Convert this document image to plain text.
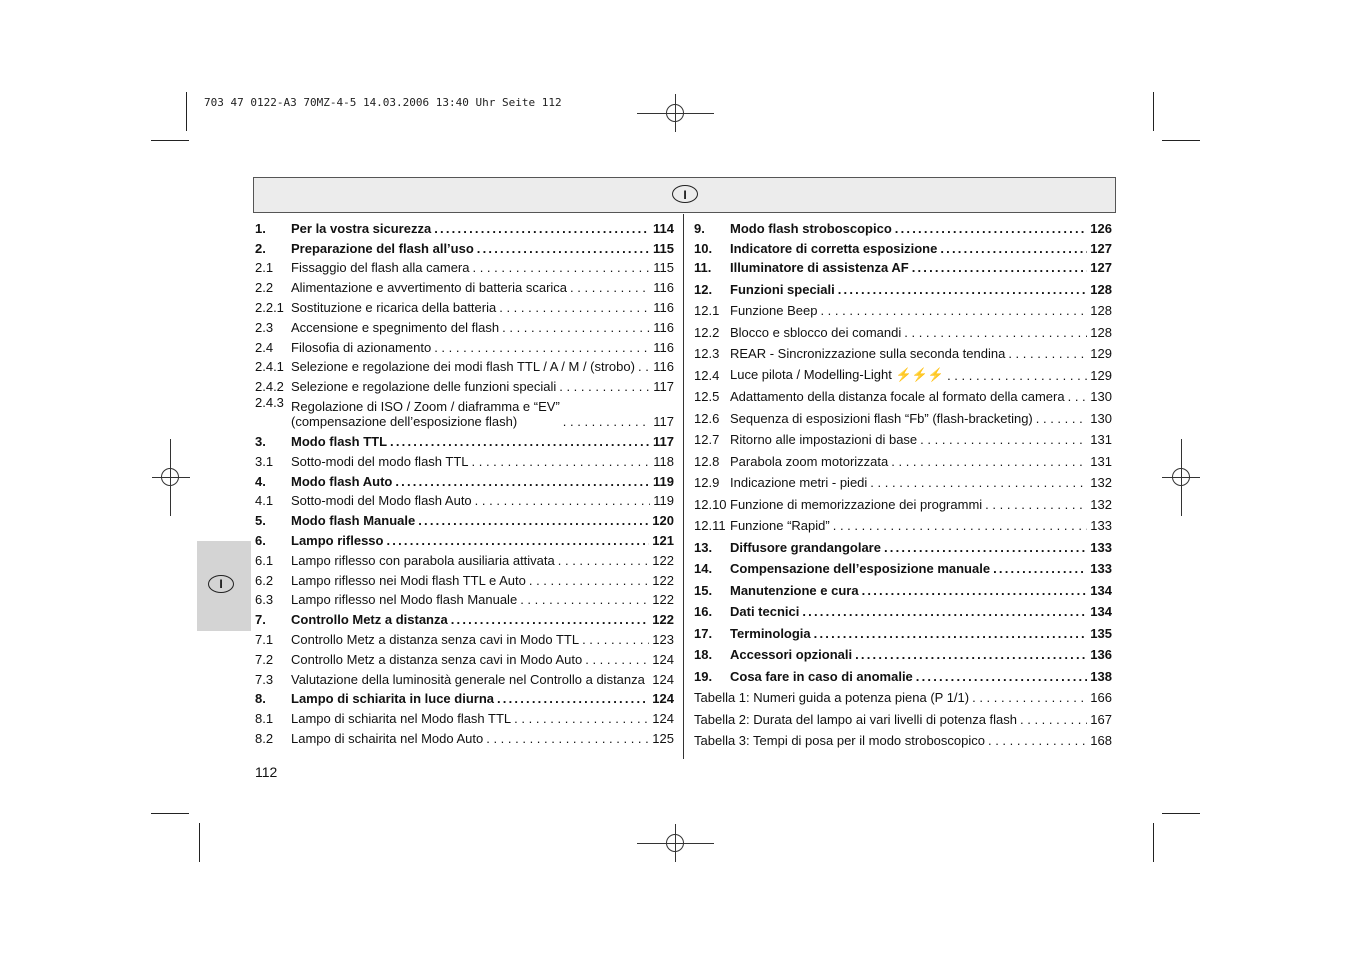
703 47 0122-A3 70MZ-4-5 14.03.2006 13:40 Uhr Seite 112
I
I
1.	Per la vostra sicurezza .....	114
2.	Preparazione del flash all’uso .....	115
2.1	Fissaggio del flash alla camera . . .	115
2.2	Alimentazione e avvertimento di batteria scarica . . .	116
2.2.1 Sostituzione e ricarica della batteria . . .	116
2.3	Accensione e spegnimento del flash . . .	116
2.4	Filosofia di azionamento . . .	116
2.4.1 Selezione e regolazione dei modi flash TTL / A / M / (strobo) . . . 116
2.4.2 Selezione e regolazione delle funzioni speciali . . .	117
2.4.3 Regolazione di ISO / Zoom / diaframma e “EV”
(compensazione dell’esposizione flash) . . .	117
3.	Modo flash TTL .....	117
3.1	Sotto-modi del modo flash TTL . . .	118
4.	Modo flash Auto .....	119
4.1	Sotto-modi del Modo flash Auto . . .	119
5.	Modo flash Manuale .....	120
6.	Lampo riflesso .....	121
6.1	Lampo riflesso con parabola ausiliaria attivata . . .	122
6.2	Lampo riflesso nei Modi flash TTL e Auto . . .	122
6.3	Lampo riflesso nel Modo flash Manuale . . .	122
7.	Controllo Metz a distanza .....	122
7.1	Controllo Metz a distanza senza cavi in Modo TTL . . .	123
7.2	Controllo Metz a distanza senza cavi in Modo Auto . . .	124
7.3	Valutazione della luminosità generale nel Controllo a distanza . . . 124
8.	Lampo di schiarita in luce diurna .....	124
8.1	Lampo di schiarita nel Modo flash TTL . . .	124
8.2	Lampo di schairita nel Modo Auto . . .	125
9.	Modo flash stroboscopico .....	126
10.	Indicatore di corretta esposizione .....	127
11.	Illuminatore di assistenza AF .....	127
12.	Funzioni speciali .....	128
12.1 Funzione Beep . . .	128
12.2 Blocco e sblocco dei comandi . . .	128
12.3 REAR - Sincronizzazione sulla seconda tendina . . .	129
12.4 Luce pilota / Modelling-Light ⚡⚡⚡ . . .	129
12.5 Adattamento della distanza focale al formato della camera . . . 130
12.6 Sequenza di esposizioni flash “Fb” (flash-bracketing) . . .	130
12.7 Ritorno alle impostazioni di base . . .	131
12.8 Parabola zoom motorizzata . . .	131
12.9 Indicazione metri - piedi . . .	132
12.10 Funzione di memorizzazione dei programmi . . .	132
12.11 Funzione “Rapid” . . .	133
13.	Diffusore grandangolare .....	133
14.	Compensazione dell’esposizione manuale .....	133
15.	Manutenzione e cura .....	134
16.	Dati tecnici .....	134
17.	Terminologia .....	135
18.	Accessori opzionali .....	136
19.	Cosa fare in caso di anomalie .....	138
Tabella 1: Numeri guida a potenza piena (P 1/1) . . .	166
Tabella 2: Durata del lampo ai vari livelli di potenza flash . . .	167
Tabella 3: Tempi di posa per il modo stroboscopico . . .	168
112
